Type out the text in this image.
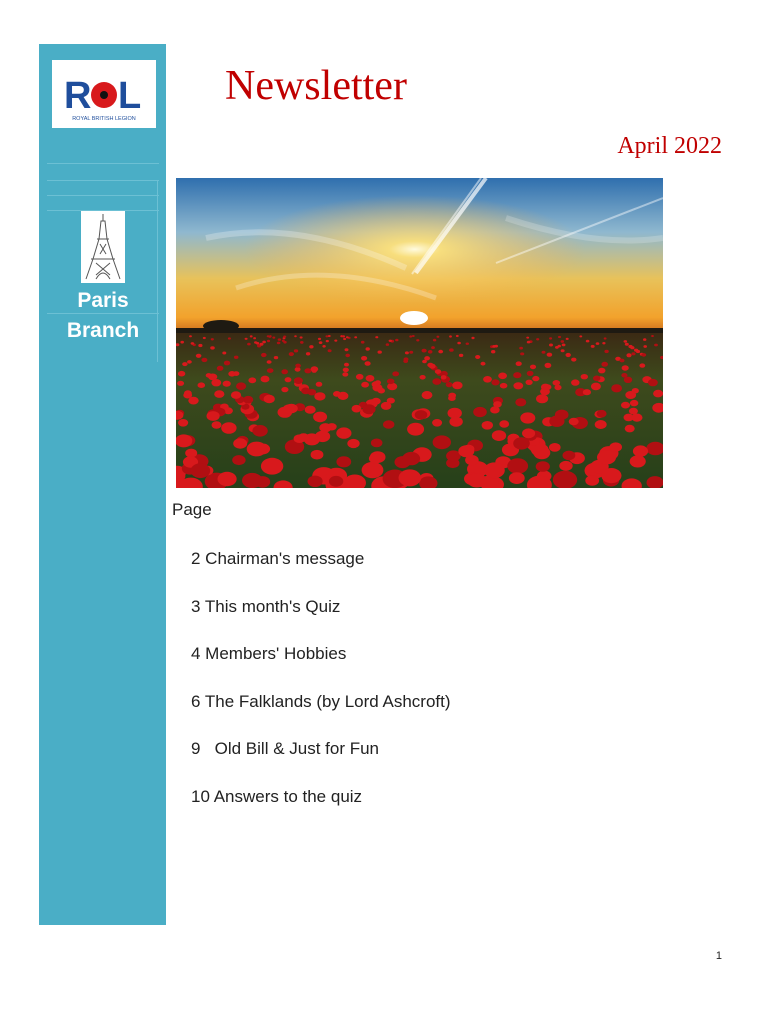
R L
ROYAL BRITISH LEGION
Paris
Branch
Newsletter
April 2022
Page
2 Chairman's message
3 This month's Quiz
4 Members' Hobbies
6 The Falklands (by Lord Ashcroft)
9   Old Bill & Just for Fun
10 Answers to the quiz
1
